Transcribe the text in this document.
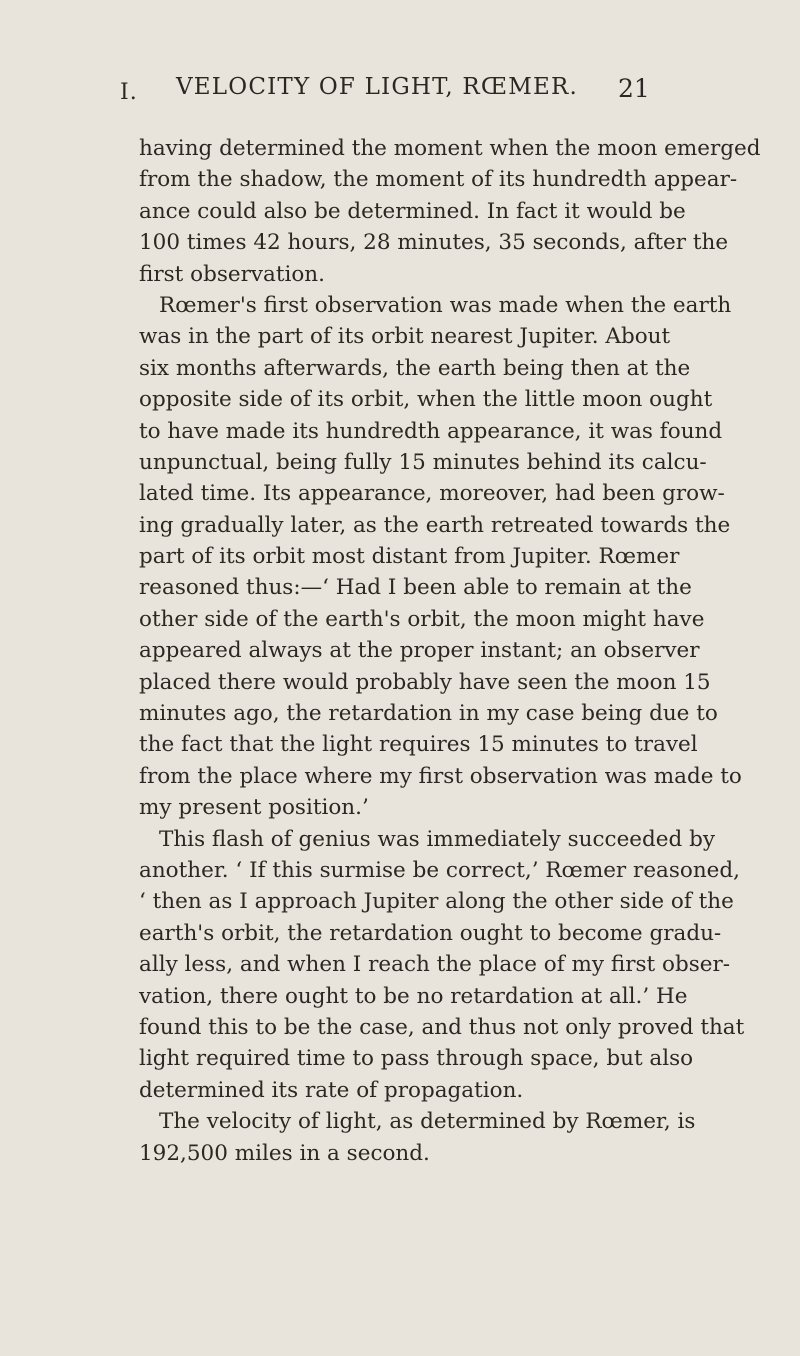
I. VELOCITY OF LIGHT, RŒMER. 21
having determined the moment when the moon emerged
from the shadow, the moment of its hundredth appear-
ance could also be determined. In fact it would be
100 times 42 hours, 28 minutes, 35 seconds, after the
first observation.
Rœmer's first observation was made when the earth
was in the part of its orbit nearest Jupiter. About
six months afterwards, the earth being then at the
opposite side of its orbit, when the little moon ought
to have made its hundredth appearance, it was found
unpunctual, being fully 15 minutes behind its calcu-
lated time. Its appearance, moreover, had been grow-
ing gradually later, as the earth retreated towards the
part of its orbit most distant from Jupiter. Rœmer
reasoned thus:—‘ Had I been able to remain at the
other side of the earth's orbit, the moon might have
appeared always at the proper instant; an observer
placed there would probably have seen the moon 15
minutes ago, the retardation in my case being due to
the fact that the light requires 15 minutes to travel
from the place where my first observation was made to
my present position.’
This flash of genius was immediately succeeded by
another. ‘ If this surmise be correct,’ Rœmer reasoned,
‘ then as I approach Jupiter along the other side of the
earth's orbit, the retardation ought to become gradu-
ally less, and when I reach the place of my first obser-
vation, there ought to be no retardation at all.’ He
found this to be the case, and thus not only proved that
light required time to pass through space, but also
determined its rate of propagation.
The velocity of light, as determined by Rœmer, is
192,500 miles in a second.
